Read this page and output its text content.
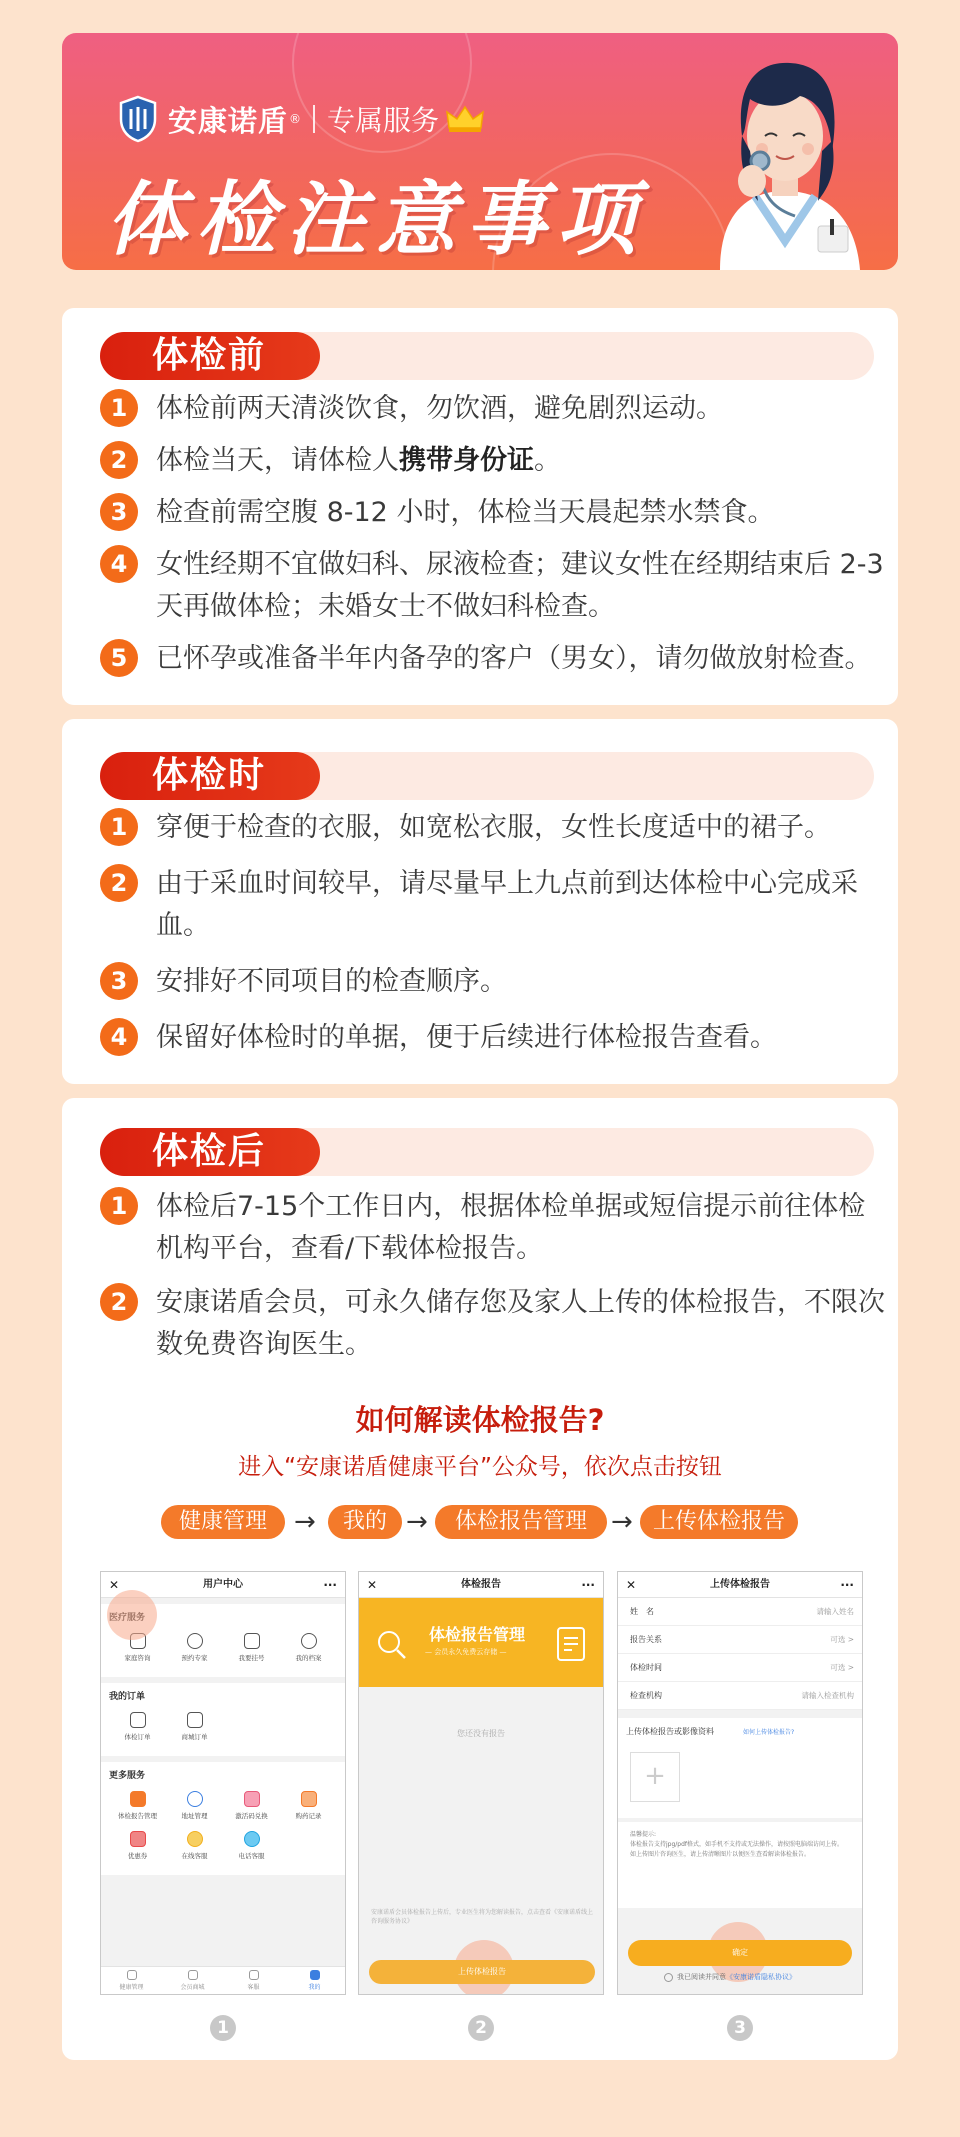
安康诺盾 ® 专属服务
体检注意事项
体检前
1	体检前两天清淡饮食，勿饮酒，避免剧烈运动。
2	体检当天，请体检人携带身份证。
3	检查前需空腹 8-12 小时，体检当天晨起禁水禁食。
4	女性经期不宜做妇科、尿液检查；建议女性在经期结束后 2-3 天再做体检；未婚女士不做妇科检查。
5	已怀孕或准备半年内备孕的客户（男女），请勿做放射检查。
体检时
1	穿便于检查的衣服，如宽松衣服，女性长度适中的裙子。
2	由于采血时间较早，请尽量早上九点前到达体检中心完成采血。
3	安排好不同项目的检查顺序。
4	保留好体检时的单据，便于后续进行体检报告查看。
体检后
1	体检后7-15个工作日内，根据体检单据或短信提示前往体检机构平台，查看/下载体检报告。
2	安康诺盾会员，可永久储存您及家人上传的体检报告，不限次数免费咨询医生。
如何解读体检报告?
进入“安康诺盾健康平台”公众号，依次点击按钮
健康管理	→	我的 →	体检报告管理 → 上传体检报告
✕	用户中心	···
家庭咨询	预约专家	我要挂号	我的档案
我的订单
体检订单	商城订单
更多服务
体检报告管理	地址管理	激活码兑换	购药记录
优惠券	在线客服	电话客服
健康管理	会员商城	客服	我的
✕	体检报告	···
体检报告管理
— 会员永久免费云存储 —
您还没有报告
安康诺盾会员体检报告上传后，专业医生将为您解读报告，点击查看《安康诺盾线上咨询服务协议》
上传体检报告
✕	上传体检报告	···
姓　名	请输入姓名
报告关系	可选 >
体检时间	可选 >
检查机构	请输入检查机构
上传体检报告或影像资料	如何上传体检报告?
+
温馨提示:
体检报告支持jpg/pdf格式，如手机不支持或无法操作，请按照电脑端访问上传。
如上传图片咨询医生，请上传清晰图片以便医生查看解读体检报告。
确定
我已阅读并同意《安康诺盾隐私协议》
1	2	3
